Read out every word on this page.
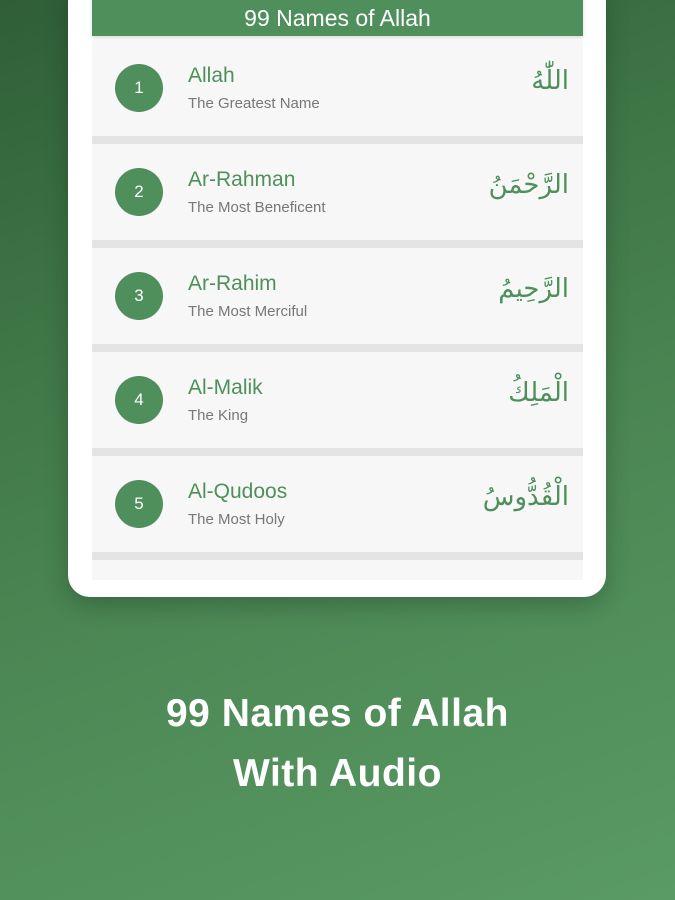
99 Names of Allah
1
Allah
The Greatest Name
اللّٰهُ
2
Ar-Rahman
The Most Beneficent
الرَّحْمَنُ
3
Ar-Rahim
The Most Merciful
الرَّحِيمُ
4
Al-Malik
The King
الْمَلِكُ
5
Al-Qudoos
The Most Holy
الْقُدُّوسُ
99 Names of Allah
With Audio
